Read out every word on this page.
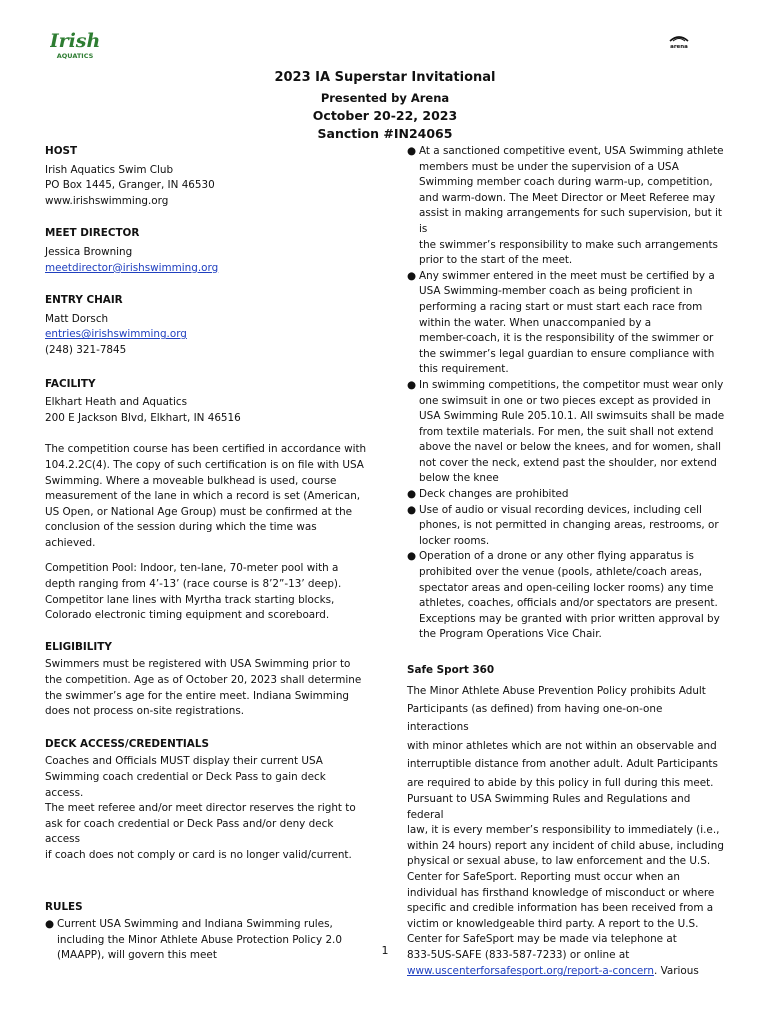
Irish
AQUATICS
arena
2023 IA Superstar Invitational
Presented by Arena
October 20-22, 2023
Sanction #IN24065
HOST
Irish Aquatics Swim Club
PO Box 1445, Granger, IN 46530
www.irishswimming.org
MEET DIRECTOR
Jessica Browning
meetdirector@irishswimming.org
ENTRY CHAIR
Matt Dorsch
entries@irishswimming.org
(248) 321-7845
FACILITY
Elkhart Heath and Aquatics
200 E Jackson Blvd, Elkhart, IN 46516
The competition course has been certified in accordance with
104.2.2C(4). The copy of such certification is on file with USA
Swimming. Where a moveable bulkhead is used, course
measurement of the lane in which a record is set (American,
US Open, or National Age Group) must be confirmed at the
conclusion of the session during which the time was achieved.
Competition Pool: Indoor, ten-lane, 70-meter pool with a
depth ranging from 4’-13’ (race course is 8’2”-13’ deep).
Competitor lane lines with Myrtha track starting blocks,
Colorado electronic timing equipment and scoreboard.
ELIGIBILITY
Swimmers must be registered with USA Swimming prior to
the competition. Age as of October 20, 2023 shall determine
the swimmer’s age for the entire meet. Indiana Swimming
does not process on-site registrations.
DECK ACCESS/CREDENTIALS
Coaches and Officials MUST display their current USA
Swimming coach credential or Deck Pass to gain deck access.
The meet referee and/or meet director reserves the right to
ask for coach credential or Deck Pass and/or deny deck access
if coach does not comply or card is no longer valid/current.
RULES
● Current USA Swimming and Indiana Swimming rules,
including the Minor Athlete Abuse Protection Policy 2.0
(MAAPP), will govern this meet
● At a sanctioned competitive event, USA Swimming athlete
members must be under the supervision of a USA
Swimming member coach during warm-up, competition,
and warm-down. The Meet Director or Meet Referee may
assist in making arrangements for such supervision, but it is
the swimmer’s responsibility to make such arrangements
prior to the start of the meet.
● Any swimmer entered in the meet must be certified by a
USA Swimming-member coach as being proficient in
performing a racing start or must start each race from
within the water. When unaccompanied by a
member-coach, it is the responsibility of the swimmer or
the swimmer’s legal guardian to ensure compliance with
this requirement.
● In swimming competitions, the competitor must wear only
one swimsuit in one or two pieces except as provided in
USA Swimming Rule 205.10.1. All swimsuits shall be made
from textile materials. For men, the suit shall not extend
above the navel or below the knees, and for women, shall
not cover the neck, extend past the shoulder, nor extend
below the knee
● Deck changes are prohibited
● Use of audio or visual recording devices, including cell
phones, is not permitted in changing areas, restrooms, or
locker rooms.
● Operation of a drone or any other flying apparatus is
prohibited over the venue (pools, athlete/coach areas,
spectator areas and open-ceiling locker rooms) any time
athletes, coaches, officials and/or spectators are present.
Exceptions may be granted with prior written approval by
the Program Operations Vice Chair.
Safe Sport 360
The Minor Athlete Abuse Prevention Policy prohibits Adult
Participants (as defined) from having one-on-one interactions
with minor athletes which are not within an observable and
interruptible distance from another adult. Adult Participants
are required to abide by this policy in full during this meet.
Pursuant to USA Swimming Rules and Regulations and federal
law, it is every member’s responsibility to immediately (i.e.,
within 24 hours) report any incident of child abuse, including
physical or sexual abuse, to law enforcement and the U.S.
Center for SafeSport. Reporting must occur when an
individual has firsthand knowledge of misconduct or where
specific and credible information has been received from a
victim or knowledgeable third party. A report to the U.S.
Center for SafeSport may be made via telephone at
833-5US-SAFE (833-587-7233) or online at
www.uscenterforsafesport.org/report-a-concern. Various
1
